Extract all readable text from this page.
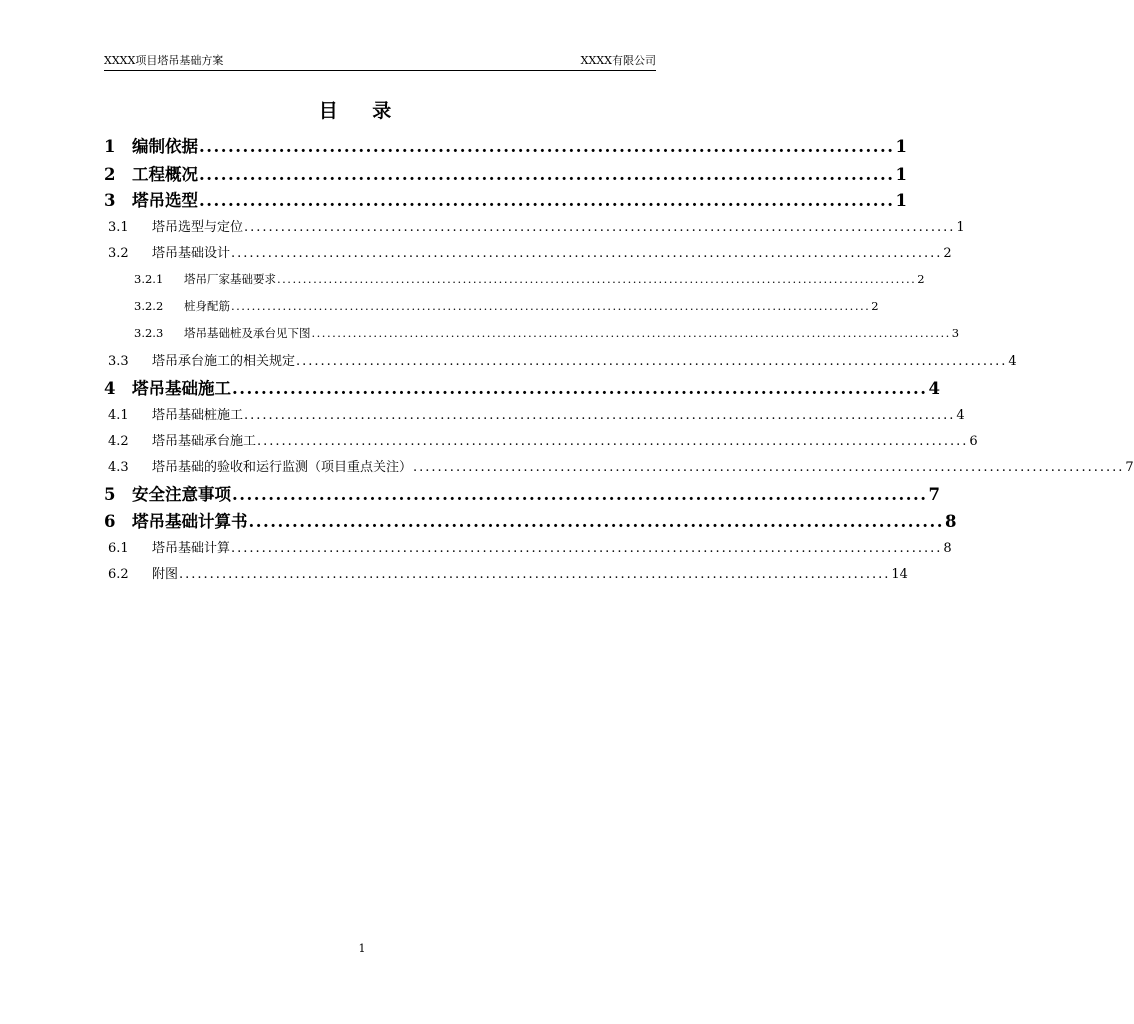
XXXX项目塔吊基础方案	XXXX有限公司
目 录
1	编制依据 ................................................................................................ 1
2	工程概况 ................................................................................................ 1
3	塔吊选型 ................................................................................................ 1
3.1	塔吊选型与定位 .................................................................................................................... 1
3.2	塔吊基础设计 .................................................................................................................... 2
3.2.1	塔吊厂家基础要求 ............................................................................................................................ 2
3.2.2	桩身配筋 ............................................................................................................................ 2
3.2.3	塔吊基础桩及承台见下图 ............................................................................................................................ 3
3.3	塔吊承台施工的相关规定 .................................................................................................................... 4
4	塔吊基础施工 ................................................................................................ 4
4.1	塔吊基础桩施工 .................................................................................................................... 4
4.2	塔吊基础承台施工 .................................................................................................................... 6
4.3	塔吊基础的验收和运行监测（项目重点关注） .................................................................................................................... 7
5	安全注意事项 ................................................................................................ 7
6	塔吊基础计算书 ................................................................................................ 8
6.1	塔吊基础计算 .................................................................................................................... 8
6.2	附图 .................................................................................................................... 14
1
